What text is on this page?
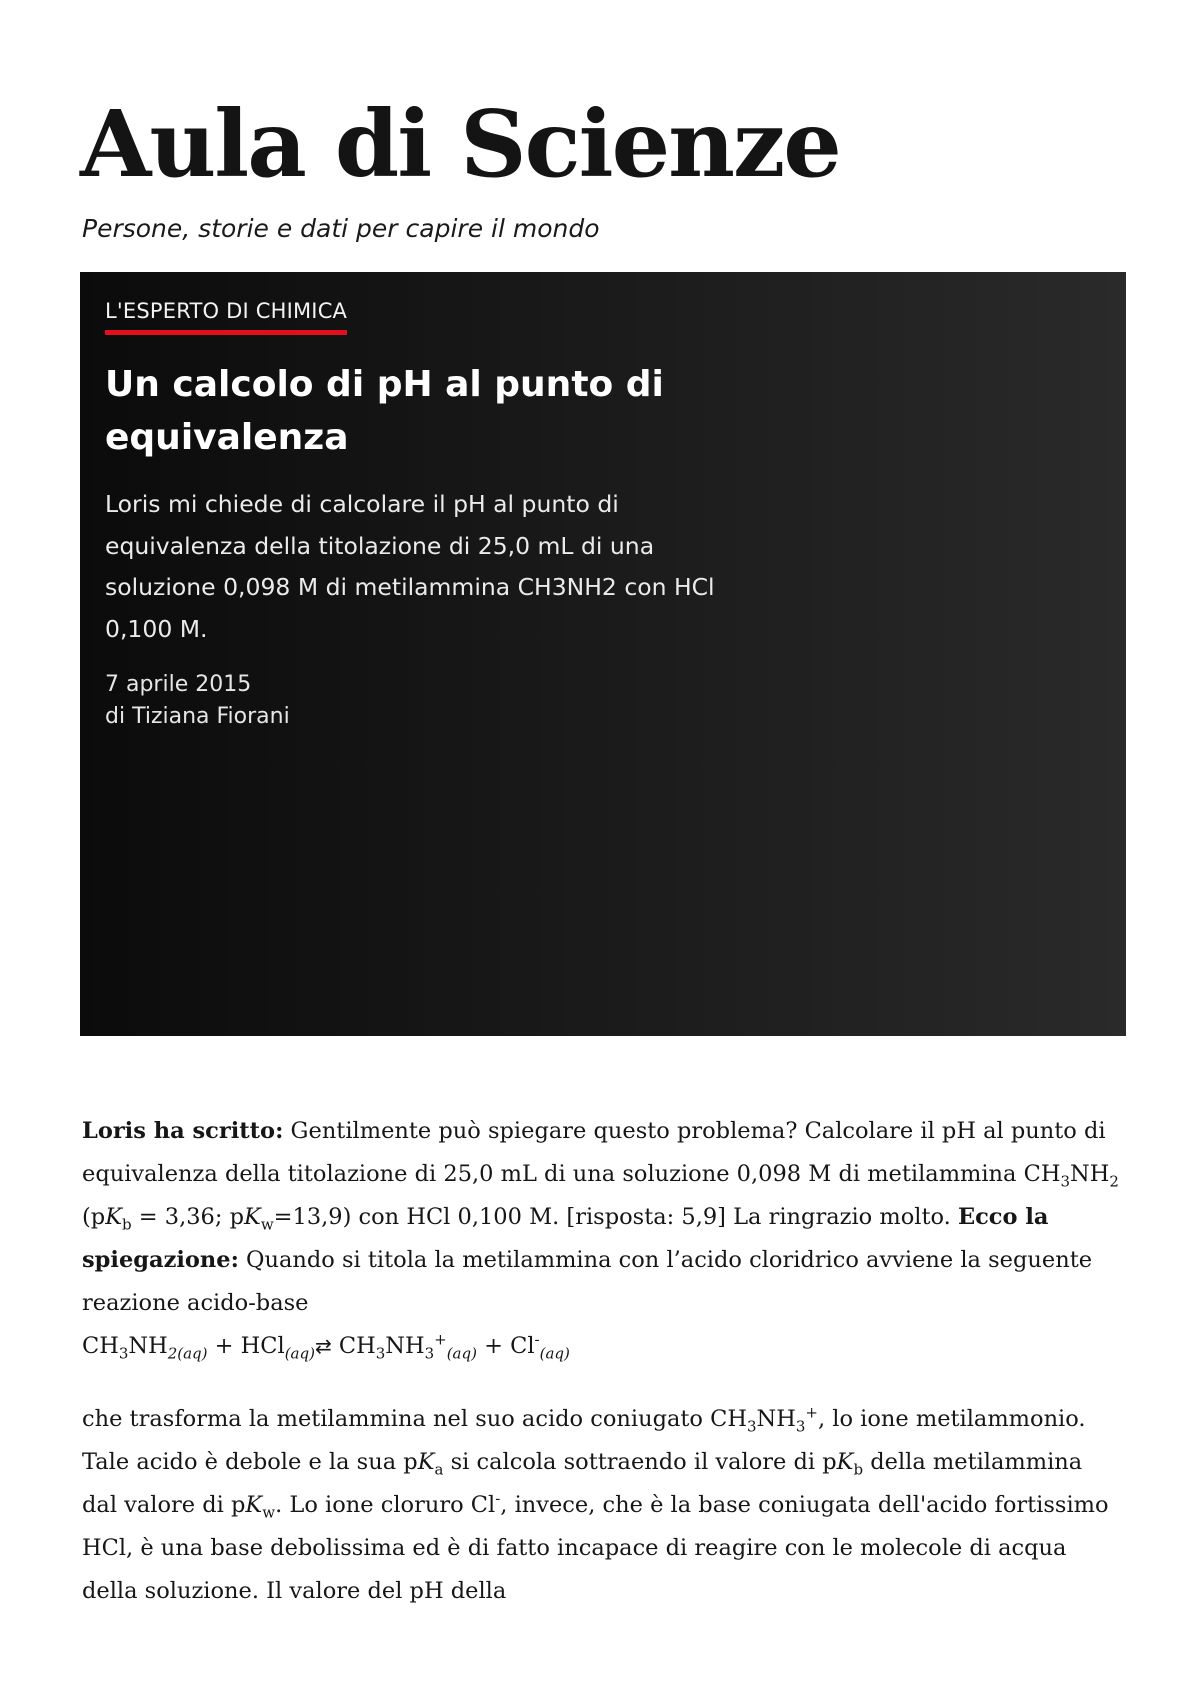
Aula di Scienze

Persone, storie e dati per capire il mondo

L'ESPERTO DI CHIMICA
Un calcolo di pH al punto di equivalenza

Loris mi chiede di calcolare il pH al punto di equivalenza della titolazione di 25,0 mL di una soluzione 0,098 M di metilammina CH3NH2 con HCl 0,100 M.

7 aprile 2015
di Tiziana Fiorani

Loris ha scritto: Gentilmente può spiegare questo problema? Calcolare il pH al punto di equivalenza della titolazione di 25,0 mL di una soluzione 0,098 M di metilammina $CH_3NH_2$ ($pK_b = 3,36$; $pK_w=13,9$) con HCl 0,100 M. [risposta: 5,9] La ringrazio molto. Ecco la spiegazione: Quando si titola la metilammina con l’acido cloridrico avviene la seguente reazione acido-base

$CH_3NH_{2(aq)}$ + HCl$_{(aq)}$⇄ $CH_3NH_3^+_{(aq)} + Cl^-_{(aq)}$

che trasforma la metilammina nel suo acido coniugato $CH_3NH_3^+$, lo ione metilammonio. Tale acido è debole e la sua $pK_a$ si calcola sottraendo il valore di $pK_b$ della metilammina dal valore di $pK_w$. Lo ione cloruro Cl-, invece, che è la base coniugata dell'acido fortissimo HCl, è una base debolissima ed è di fatto incapace di reagire con le molecole di acqua della soluzione. Il valore del pH della
